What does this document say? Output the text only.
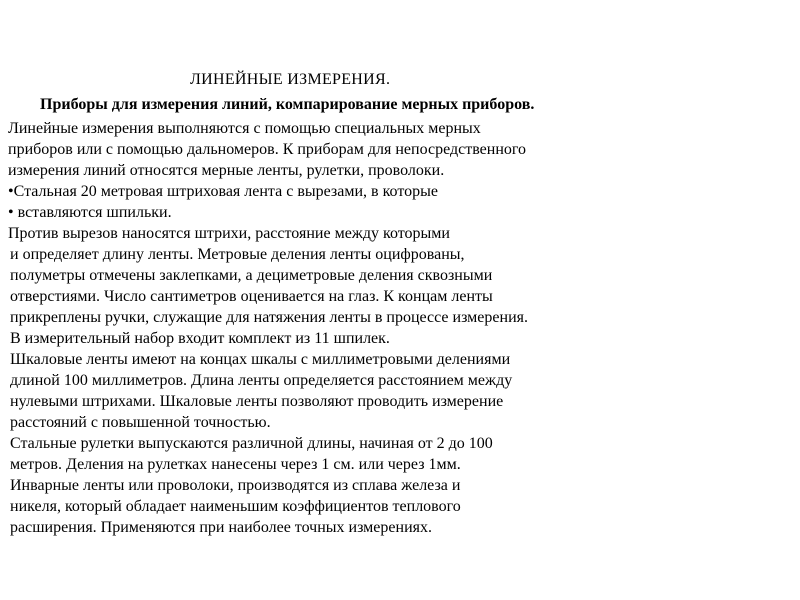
ЛИНЕЙНЫЕ ИЗМЕРЕНИЯ.
Приборы для измерения линий, компарирование мерных приборов.
Линейные измерения выполняются с помощью специальных мерных
приборов или с помощью дальномеров. К приборам для непосредственного
измерения линий относятся мерные ленты, рулетки, проволоки.
•Стальная 20 метровая штриховая лента с вырезами, в которые
• вставляются шпильки.
Против вырезов наносятся штрихи, расстояние между которыми
и определяет длину ленты. Метровые деления ленты оцифрованы,
полуметры отмечены заклепками, а дециметровые деления сквозными
отверстиями. Число сантиметров оценивается на глаз. К концам ленты
прикреплены ручки, служащие для натяжения ленты в процессе измерения.
В измерительный набор входит комплект из 11 шпилек.
Шкаловые ленты имеют на концах шкалы с миллиметровыми делениями
длиной 100 миллиметров. Длина ленты определяется расстоянием между
нулевыми штрихами. Шкаловые ленты позволяют проводить измерение
расстояний с повышенной точностью.
Стальные рулетки выпускаются различной длины, начиная от 2 до 100
метров. Деления на рулетках нанесены через 1 см. или через 1мм.
Инварные ленты или проволоки, производятся из сплава железа и
никеля, который обладает наименьшим коэффициентов теплового
расширения. Применяются при наиболее точных измерениях.
